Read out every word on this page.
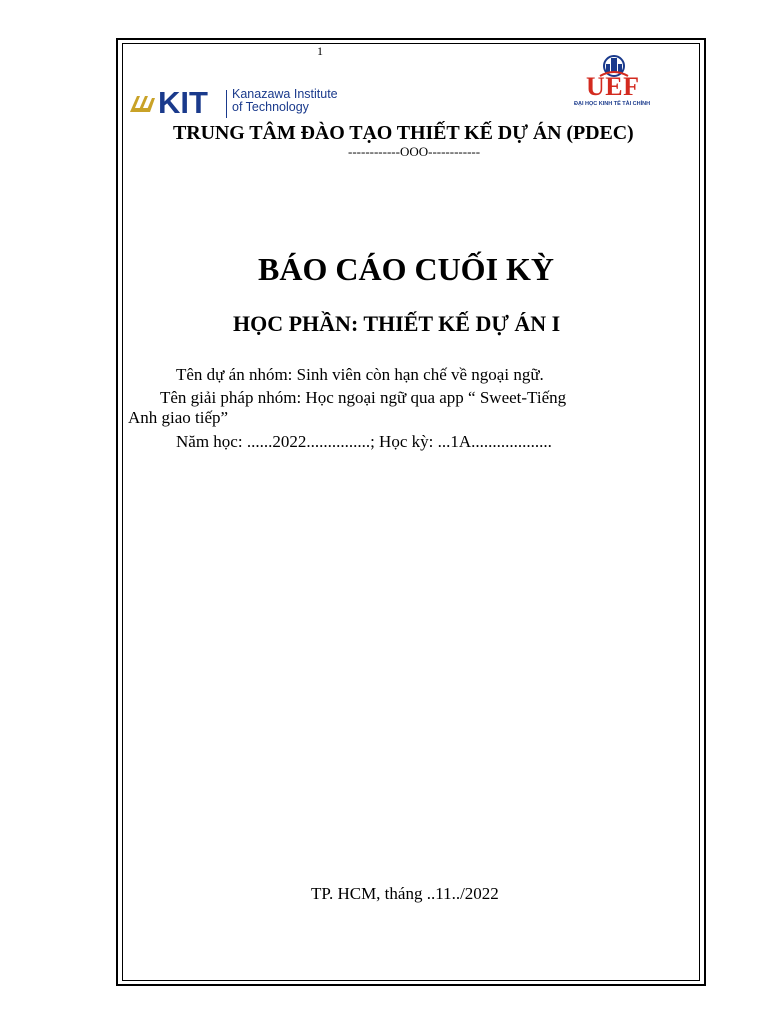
1
KIT Kanazawa Institute
of Technology
UEF
ĐẠI HỌC KINH TẾ TÀI CHÍNH
TRUNG TÂM ĐÀO TẠO THIẾT KẾ DỰ ÁN (PDEC)
------------OOO------------
BÁO CÁO CUỐI KỲ
HỌC PHẦN: THIẾT KẾ DỰ ÁN I
Tên dự án nhóm: Sinh viên còn hạn chế về ngoại ngữ.
Tên giải pháp nhóm: Học ngoại ngữ qua app “ Sweet-Tiếng
Anh giao tiếp”
Năm học: ......2022...............; Học kỳ: ...1A...................
TP. HCM, tháng ..11../2022
